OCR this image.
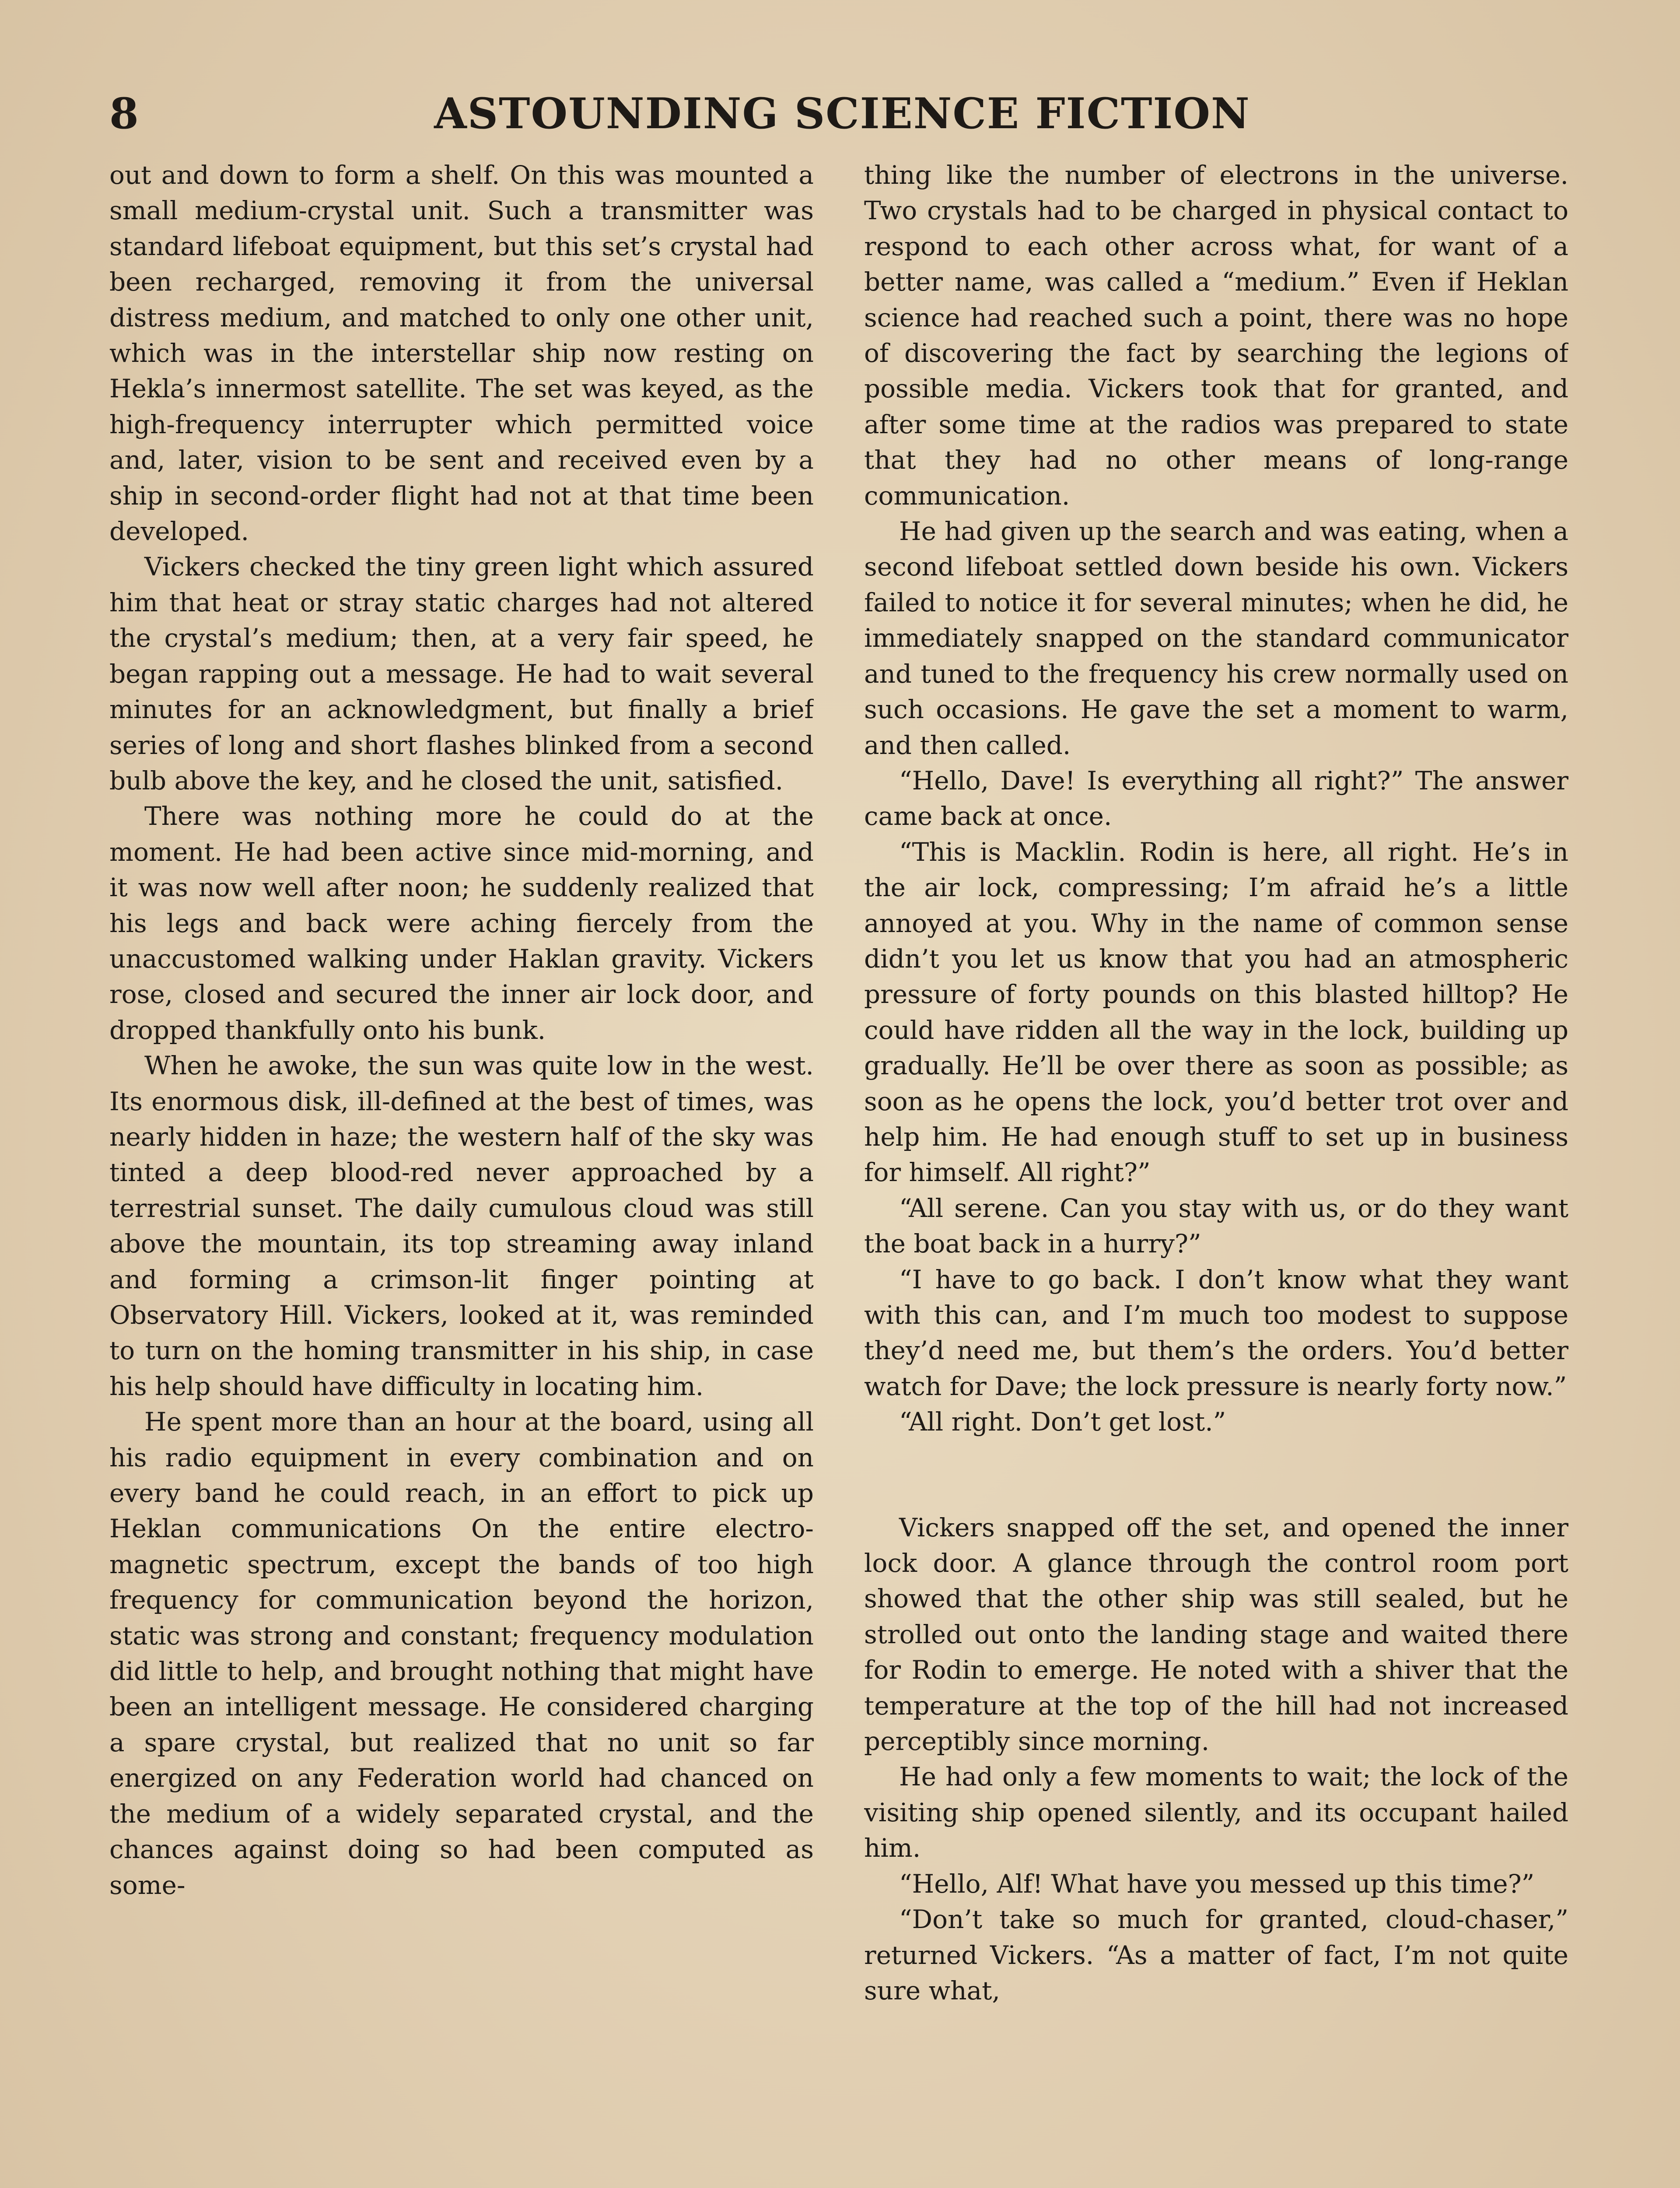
8	ASTOUNDING SCIENCE FICTION

out and down to form a shelf. On this was mounted a small medium-crystal unit. Such a transmitter was standard lifeboat equipment, but this set’s crystal had been recharged, removing it from the universal distress medium, and matched to only one other unit, which was in the interstellar ship now resting on Hekla’s innermost satellite. The set was keyed, as the high-frequency interrupter which permitted voice and, later, vision to be sent and received even by a ship in second-order flight had not at that time been developed.

Vickers checked the tiny green light which assured him that heat or stray static charges had not altered the crystal’s medium; then, at a very fair speed, he began rapping out a message. He had to wait several minutes for an acknowledgment, but finally a brief series of long and short flashes blinked from a second bulb above the key, and he closed the unit, satisfied.

There was nothing more he could do at the moment. He had been active since mid-morning, and it was now well after noon; he suddenly realized that his legs and back were aching fiercely from the unaccustomed walking under Haklan gravity. Vickers rose, closed and secured the inner air lock door, and dropped thankfully onto his bunk.

When he awoke, the sun was quite low in the west. Its enormous disk, ill-defined at the best of times, was nearly hidden in haze; the western half of the sky was tinted a deep blood-red never approached by a terrestrial sunset. The daily cumulous cloud was still above the mountain, its top streaming away inland and forming a crimson-lit finger pointing at Observatory Hill. Vickers, looked at it, was reminded to turn on the homing transmitter in his ship, in case his help should have difficulty in locating him.

He spent more than an hour at the board, using all his radio equipment in every combination and on every band he could reach, in an effort to pick up Heklan communications On the entire electro-magnetic spectrum, except the bands of too high frequency for communication beyond the horizon, static was strong and constant; frequency modulation did little to help, and brought nothing that might have been an intelligent message. He considered charging a spare crystal, but realized that no unit so far energized on any Federation world had chanced on the medium of a widely separated crystal, and the chances against doing so had been computed as some-

thing like the number of electrons in the universe. Two crystals had to be charged in physical contact to respond to each other across what, for want of a better name, was called a “medium.” Even if Heklan science had reached such a point, there was no hope of discovering the fact by searching the legions of possible media. Vickers took that for granted, and after some time at the radios was prepared to state that they had no other means of long-range communication.

He had given up the search and was eating, when a second lifeboat settled down beside his own. Vickers failed to notice it for several minutes; when he did, he immediately snapped on the standard communicator and tuned to the frequency his crew normally used on such occasions. He gave the set a moment to warm, and then called.

“Hello, Dave! Is everything all right?” The answer came back at once.

“This is Macklin. Rodin is here, all right. He’s in the air lock, compressing; I’m afraid he’s a little annoyed at you. Why in the name of common sense didn’t you let us know that you had an atmospheric pressure of forty pounds on this blasted hilltop? He could have ridden all the way in the lock, building up gradually. He’ll be over there as soon as possible; as soon as he opens the lock, you’d better trot over and help him. He had enough stuff to set up in business for himself. All right?”

“All serene. Can you stay with us, or do they want the boat back in a hurry?”

“I have to go back. I don’t know what they want with this can, and I’m much too modest to suppose they’d need me, but them’s the orders. You’d better watch for Dave; the lock pressure is nearly forty now.”

“All right. Don’t get lost.”

Vickers snapped off the set, and opened the inner lock door. A glance through the control room port showed that the other ship was still sealed, but he strolled out onto the landing stage and waited there for Rodin to emerge. He noted with a shiver that the temperature at the top of the hill had not increased perceptibly since morning.

He had only a few moments to wait; the lock of the visiting ship opened silently, and its occupant hailed him.

“Hello, Alf! What have you messed up this time?”

“Don’t take so much for granted, cloud-chaser,” returned Vickers. “As a matter of fact, I’m not quite sure what,
